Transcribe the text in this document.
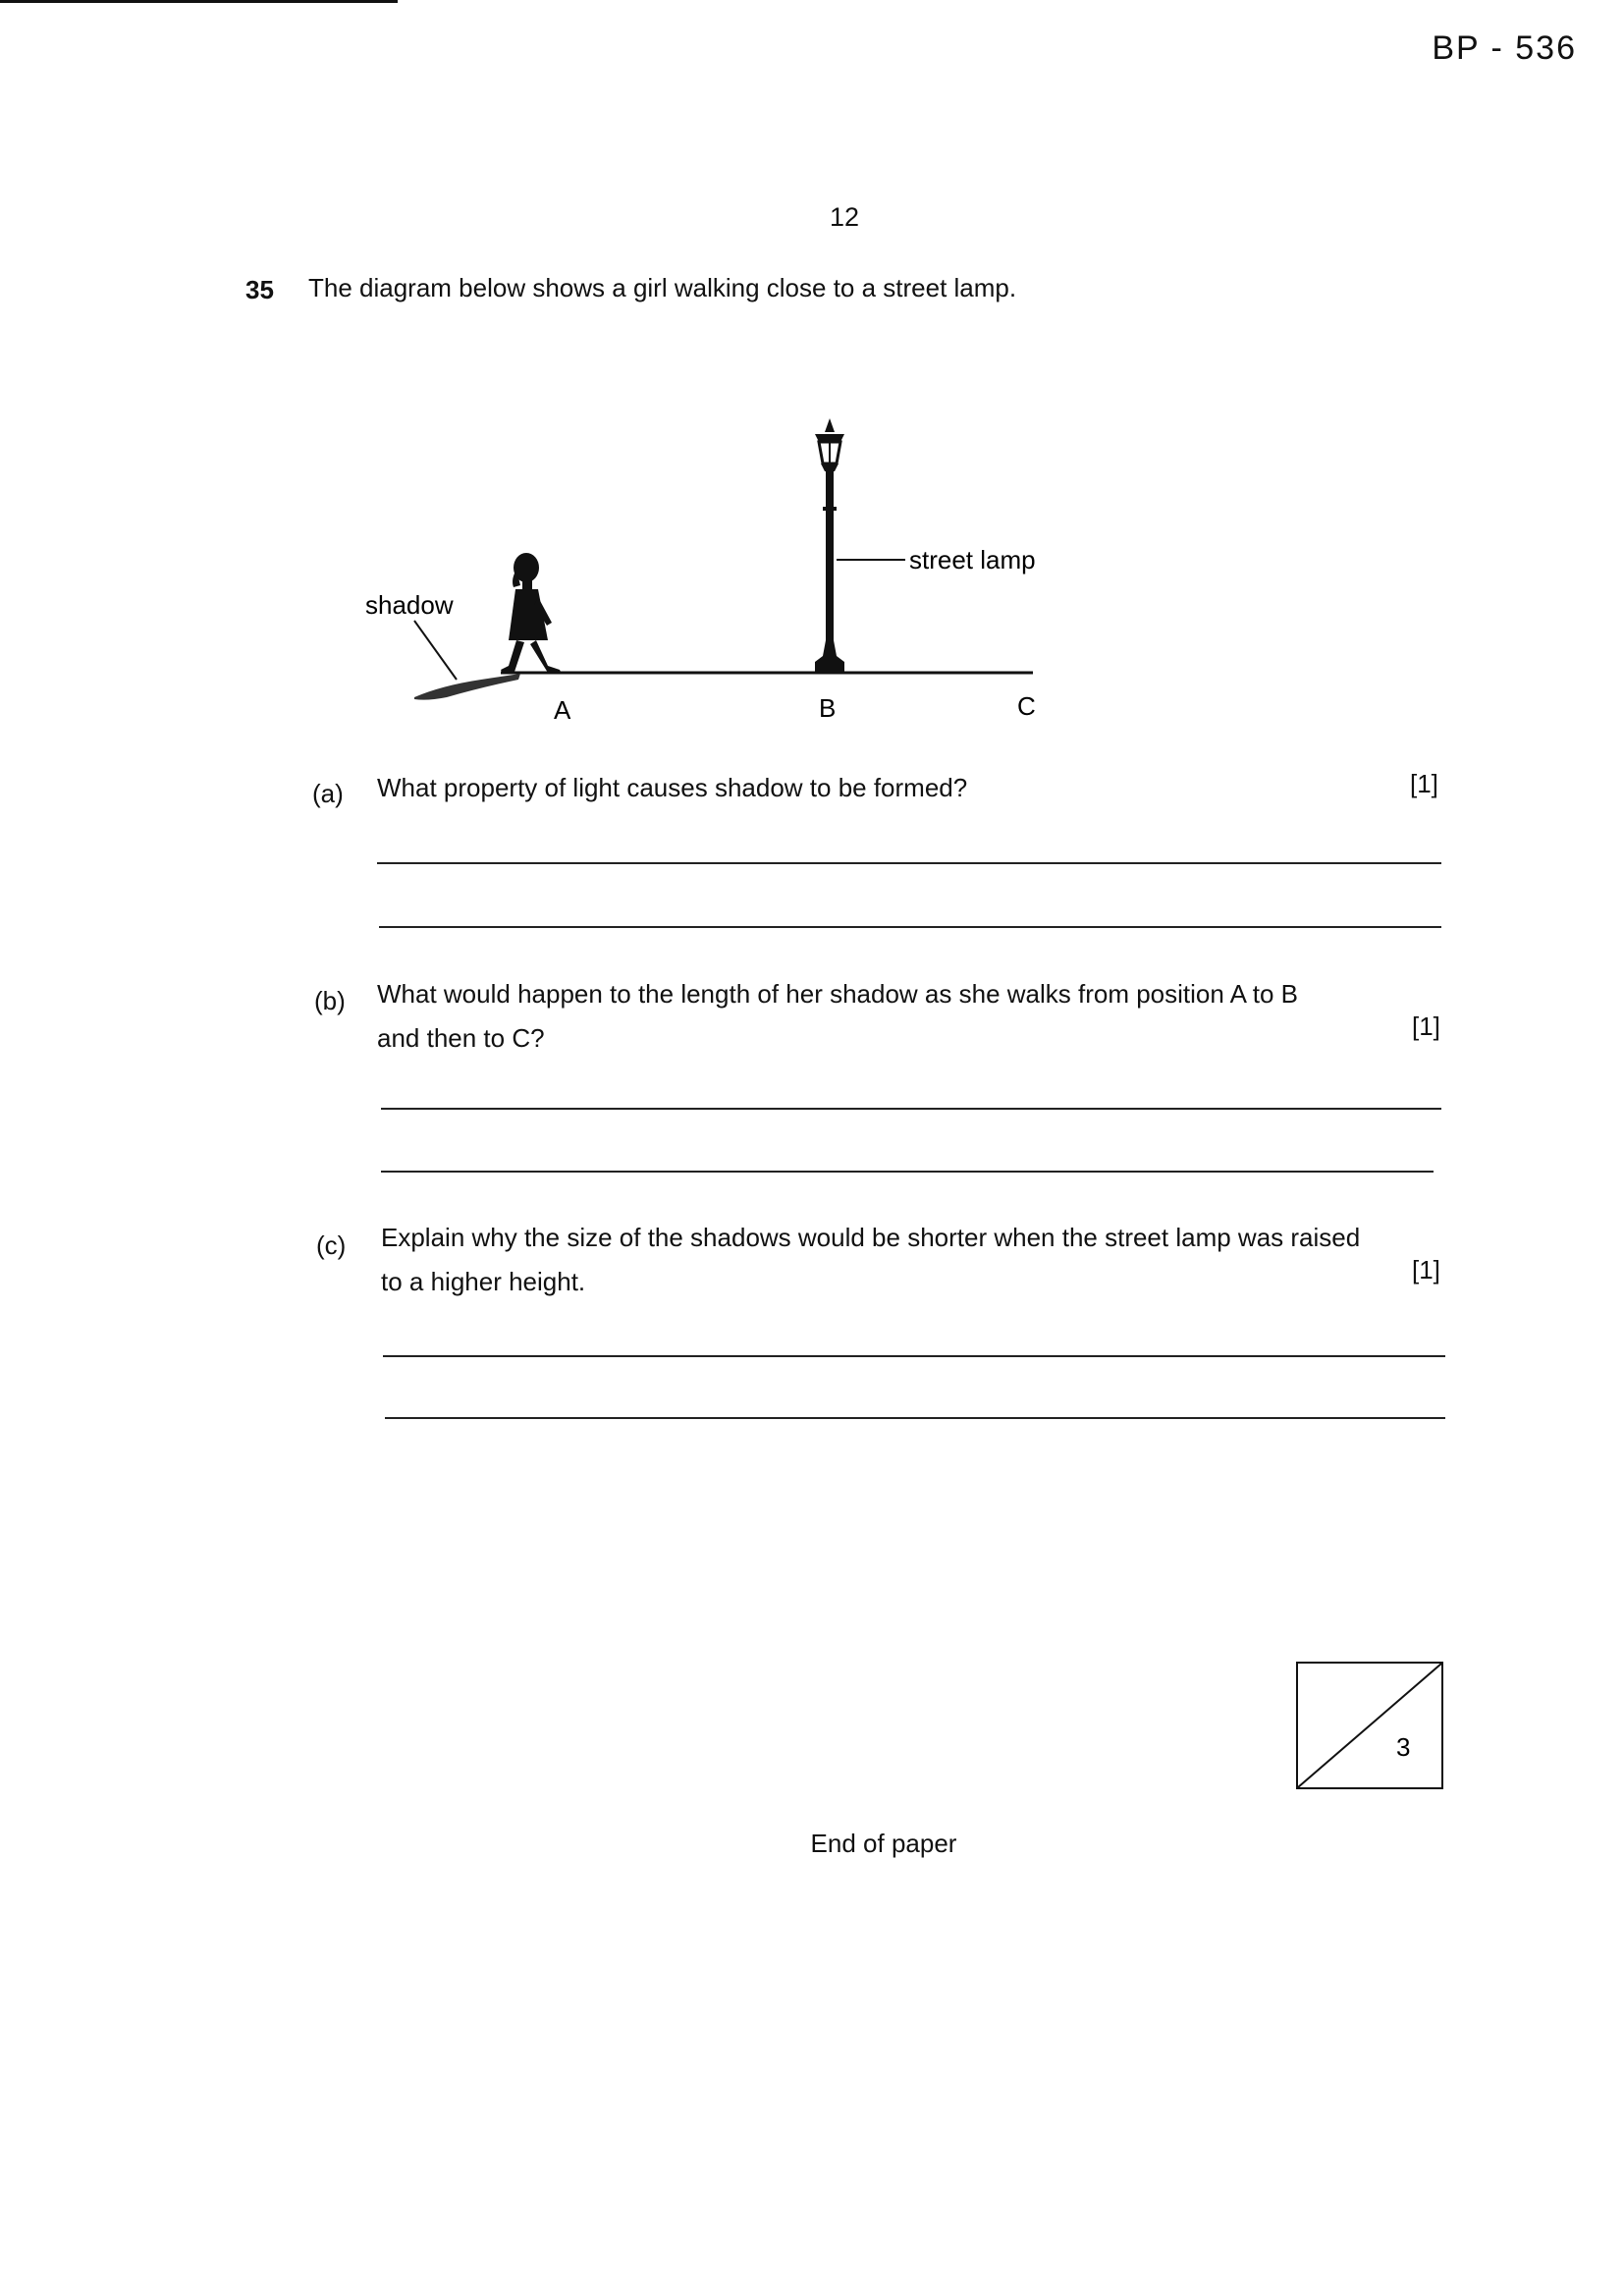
BP - 536
12
35 The diagram below shows a girl walking close to a street lamp.
shadow
street lamp
A	B	C
(a) What property of light causes shadow to be formed?	[1]
(b) What would happen to the length of her shadow as she walks from position A to B
and then to C?	[1]
(c) Explain why the size of the shadows would be shorter when the street lamp was raised
to a higher height.	[1]
3
End of paper
